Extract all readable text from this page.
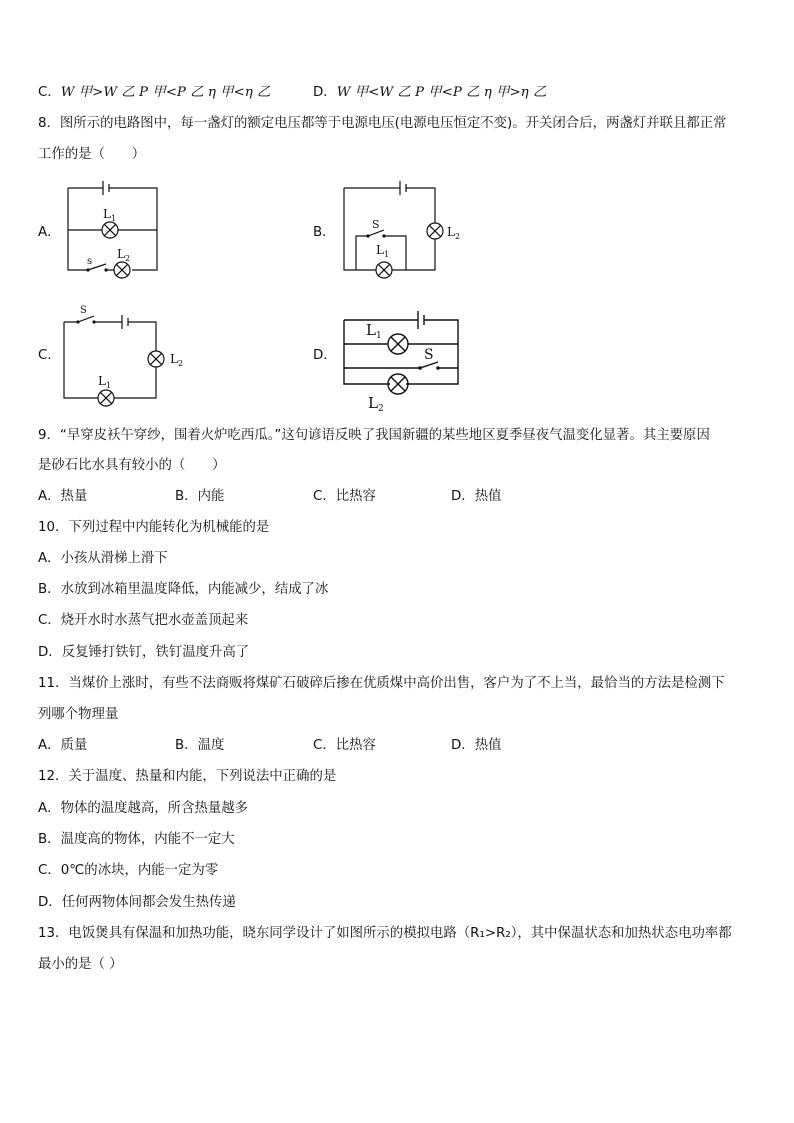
C．W 甲>W 乙 P 甲<P 乙 η 甲<η 乙	D．W 甲<W 乙 P 甲<P 乙 η 甲>η 乙
8．图所示的电路图中，每一盏灯的额定电压都等于电源电压(电源电压恒定不变)。开关闭合后，两盏灯并联且都正常
工作的是（　　）
A．	B．
C．	D．
L 1
L 2
s
L 2
S
L 1
S
L 2
L 1
L 1
S
L 2
9．“早穿皮袄午穿纱，围着火炉吃西瓜。”这句谚语反映了我国新疆的某些地区夏季昼夜气温变化显著。其主要原因
是砂石比水具有较小的（　　）
A．热量	B．内能	C．比热容	D．热值
10．下列过程中内能转化为机械能的是
A．小孩从滑梯上滑下
B．水放到冰箱里温度降低，内能减少，结成了冰
C．烧开水时水蒸气把水壶盖顶起来
D．反复锤打铁钉，铁钉温度升高了
11．当煤价上涨时，有些不法商贩将煤矿石破碎后掺在优质煤中高价出售，客户为了不上当，最恰当的方法是检测下
列哪个物理量
A．质量	B．温度	C．比热容	D．热值
12．关于温度、热量和内能，下列说法中正确的是
A．物体的温度越高，所含热量越多
B．温度高的物体，内能不一定大
C．0℃的冰块，内能一定为零
D．任何两物体间都会发生热传递
13．电饭煲具有保温和加热功能，晓东同学设计了如图所示的模拟电路（R₁>R₂），其中保温状态和加热状态电功率都
最小的是（ ）
